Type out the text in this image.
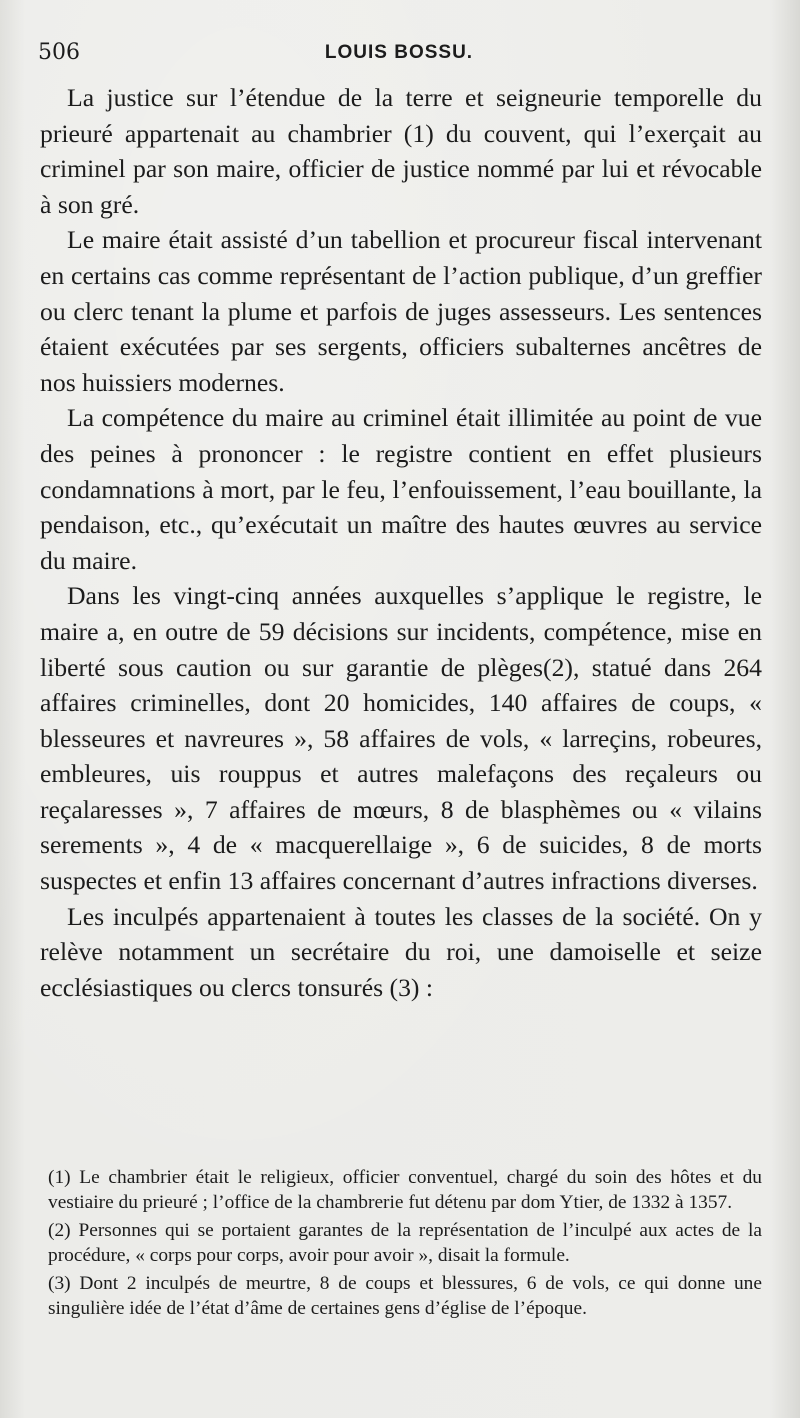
506	LOUIS BOSSU.

La justice sur l’étendue de la terre et seigneurie temporelle du prieuré appartenait au chambrier (1) du couvent, qui l’exerçait au criminel par son maire, officier de justice nommé par lui et révocable à son gré.

Le maire était assisté d’un tabellion et procureur fiscal intervenant en certains cas comme représentant de l’action publique, d’un greffier ou clerc tenant la plume et parfois de juges assesseurs. Les sentences étaient exécutées par ses sergents, officiers subalternes ancêtres de nos huissiers modernes.

La compétence du maire au criminel était illimitée au point de vue des peines à prononcer : le registre contient en effet plusieurs condamnations à mort, par le feu, l’enfouissement, l’eau bouillante, la pendaison, etc., qu’exécutait un maître des hautes œuvres au service du maire.

Dans les vingt-cinq années auxquelles s’applique le registre, le maire a, en outre de 59 décisions sur incidents, compétence, mise en liberté sous caution ou sur garantie de plèges(2), statué dans 264 affaires criminelles, dont 20 homicides, 140 affaires de coups, « blesseures et navreures », 58 affaires de vols, « larreçins, robeures, embleures, uis rouppus et autres malefaçons des reçaleurs ou reçalaresses », 7 affaires de mœurs, 8 de blasphèmes ou « vilains serements », 4 de « macquerellaige », 6 de suicides, 8 de morts suspectes et enfin 13 affaires concernant d’autres infractions diverses.

Les inculpés appartenaient à toutes les classes de la société. On y relève notamment un secrétaire du roi, une damoiselle et seize ecclésiastiques ou clercs tonsurés (3) :

(1) Le chambrier était le religieux, officier conventuel, chargé du soin des hôtes et du vestiaire du prieuré ; l’office de la chambrerie fut détenu par dom Ytier, de 1332 à 1357.

(2) Personnes qui se portaient garantes de la représentation de l’inculpé aux actes de la procédure, « corps pour corps, avoir pour avoir », disait la formule.

(3) Dont 2 inculpés de meurtre, 8 de coups et blessures, 6 de vols, ce qui donne une singulière idée de l’état d’âme de certaines gens d’église de l’époque.
